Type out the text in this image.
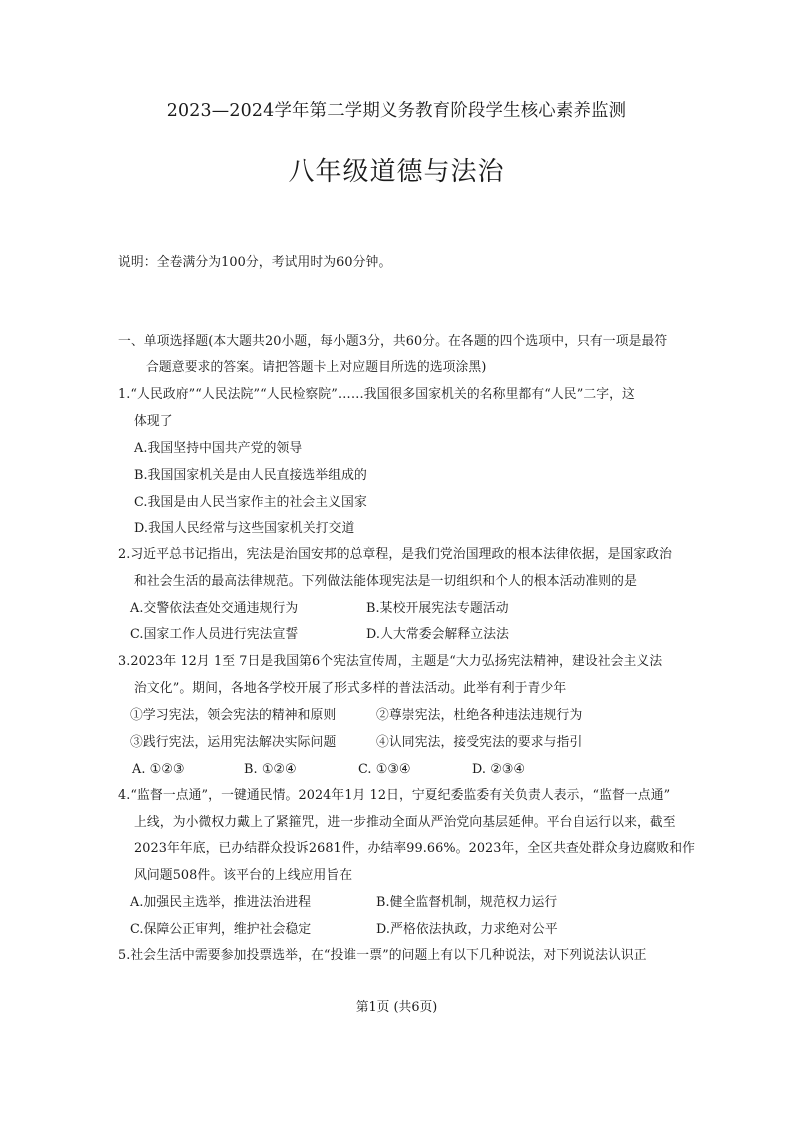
2023—2024学年第二学期义务教育阶段学生核心素养监测
八年级道德与法治
说明：全卷满分为100分，考试用时为60分钟。
一、单项选择题(本大题共20小题，每小题3分，共60分。在各题的四个选项中，只有一项是最符
合题意要求的答案。请把答题卡上对应题目所选的选项涂黑)
1.“人民政府”“人民法院”“人民检察院”……我国很多国家机关的名称里都有“人民”二字，这
体现了
A.我国坚持中国共产党的领导
B.我国国家机关是由人民直接选举组成的
C.我国是由人民当家作主的社会主义国家
D.我国人民经常与这些国家机关打交道
2.习近平总书记指出，宪法是治国安邦的总章程，是我们党治国理政的根本法律依据，是国家政治
和社会生活的最高法律规范。下列做法能体现宪法是一切组织和个人的根本活动准则的是
A.交警依法查处交通违规行为	B.某校开展宪法专题活动
C.国家工作人员进行宪法宣誓	D.人大常委会解释立法法
3.2023年 12月 1至 7日是我国第6个宪法宣传周，主题是“大力弘扬宪法精神，建设社会主义法
治文化”。期间，各地各学校开展了形式多样的普法活动。此举有利于青少年
①学习宪法，领会宪法的精神和原则	②尊崇宪法，杜绝各种违法违规行为
③践行宪法，运用宪法解决实际问题	④认同宪法，接受宪法的要求与指引
A. ①②③	B. ①②④	C. ①③④	D. ②③④
4.“监督一点通”，一键通民情。2024年1月 12日，宁夏纪委监委有关负责人表示，“监督一点通”
上线，为小微权力戴上了紧箍咒，进一步推动全面从严治党向基层延伸。平台自运行以来，截至
2023年年底，已办结群众投诉2681件，办结率99.66%。2023年，全区共查处群众身边腐败和作
风问题508件。该平台的上线应用旨在
A.加强民主选举，推进法治进程	B.健全监督机制，规范权力运行
C.保障公正审判，维护社会稳定	D.严格依法执政，力求绝对公平
5.社会生活中需要参加投票选举，在“投谁一票”的问题上有以下几种说法，对下列说法认识正
第1页 (共6页)
